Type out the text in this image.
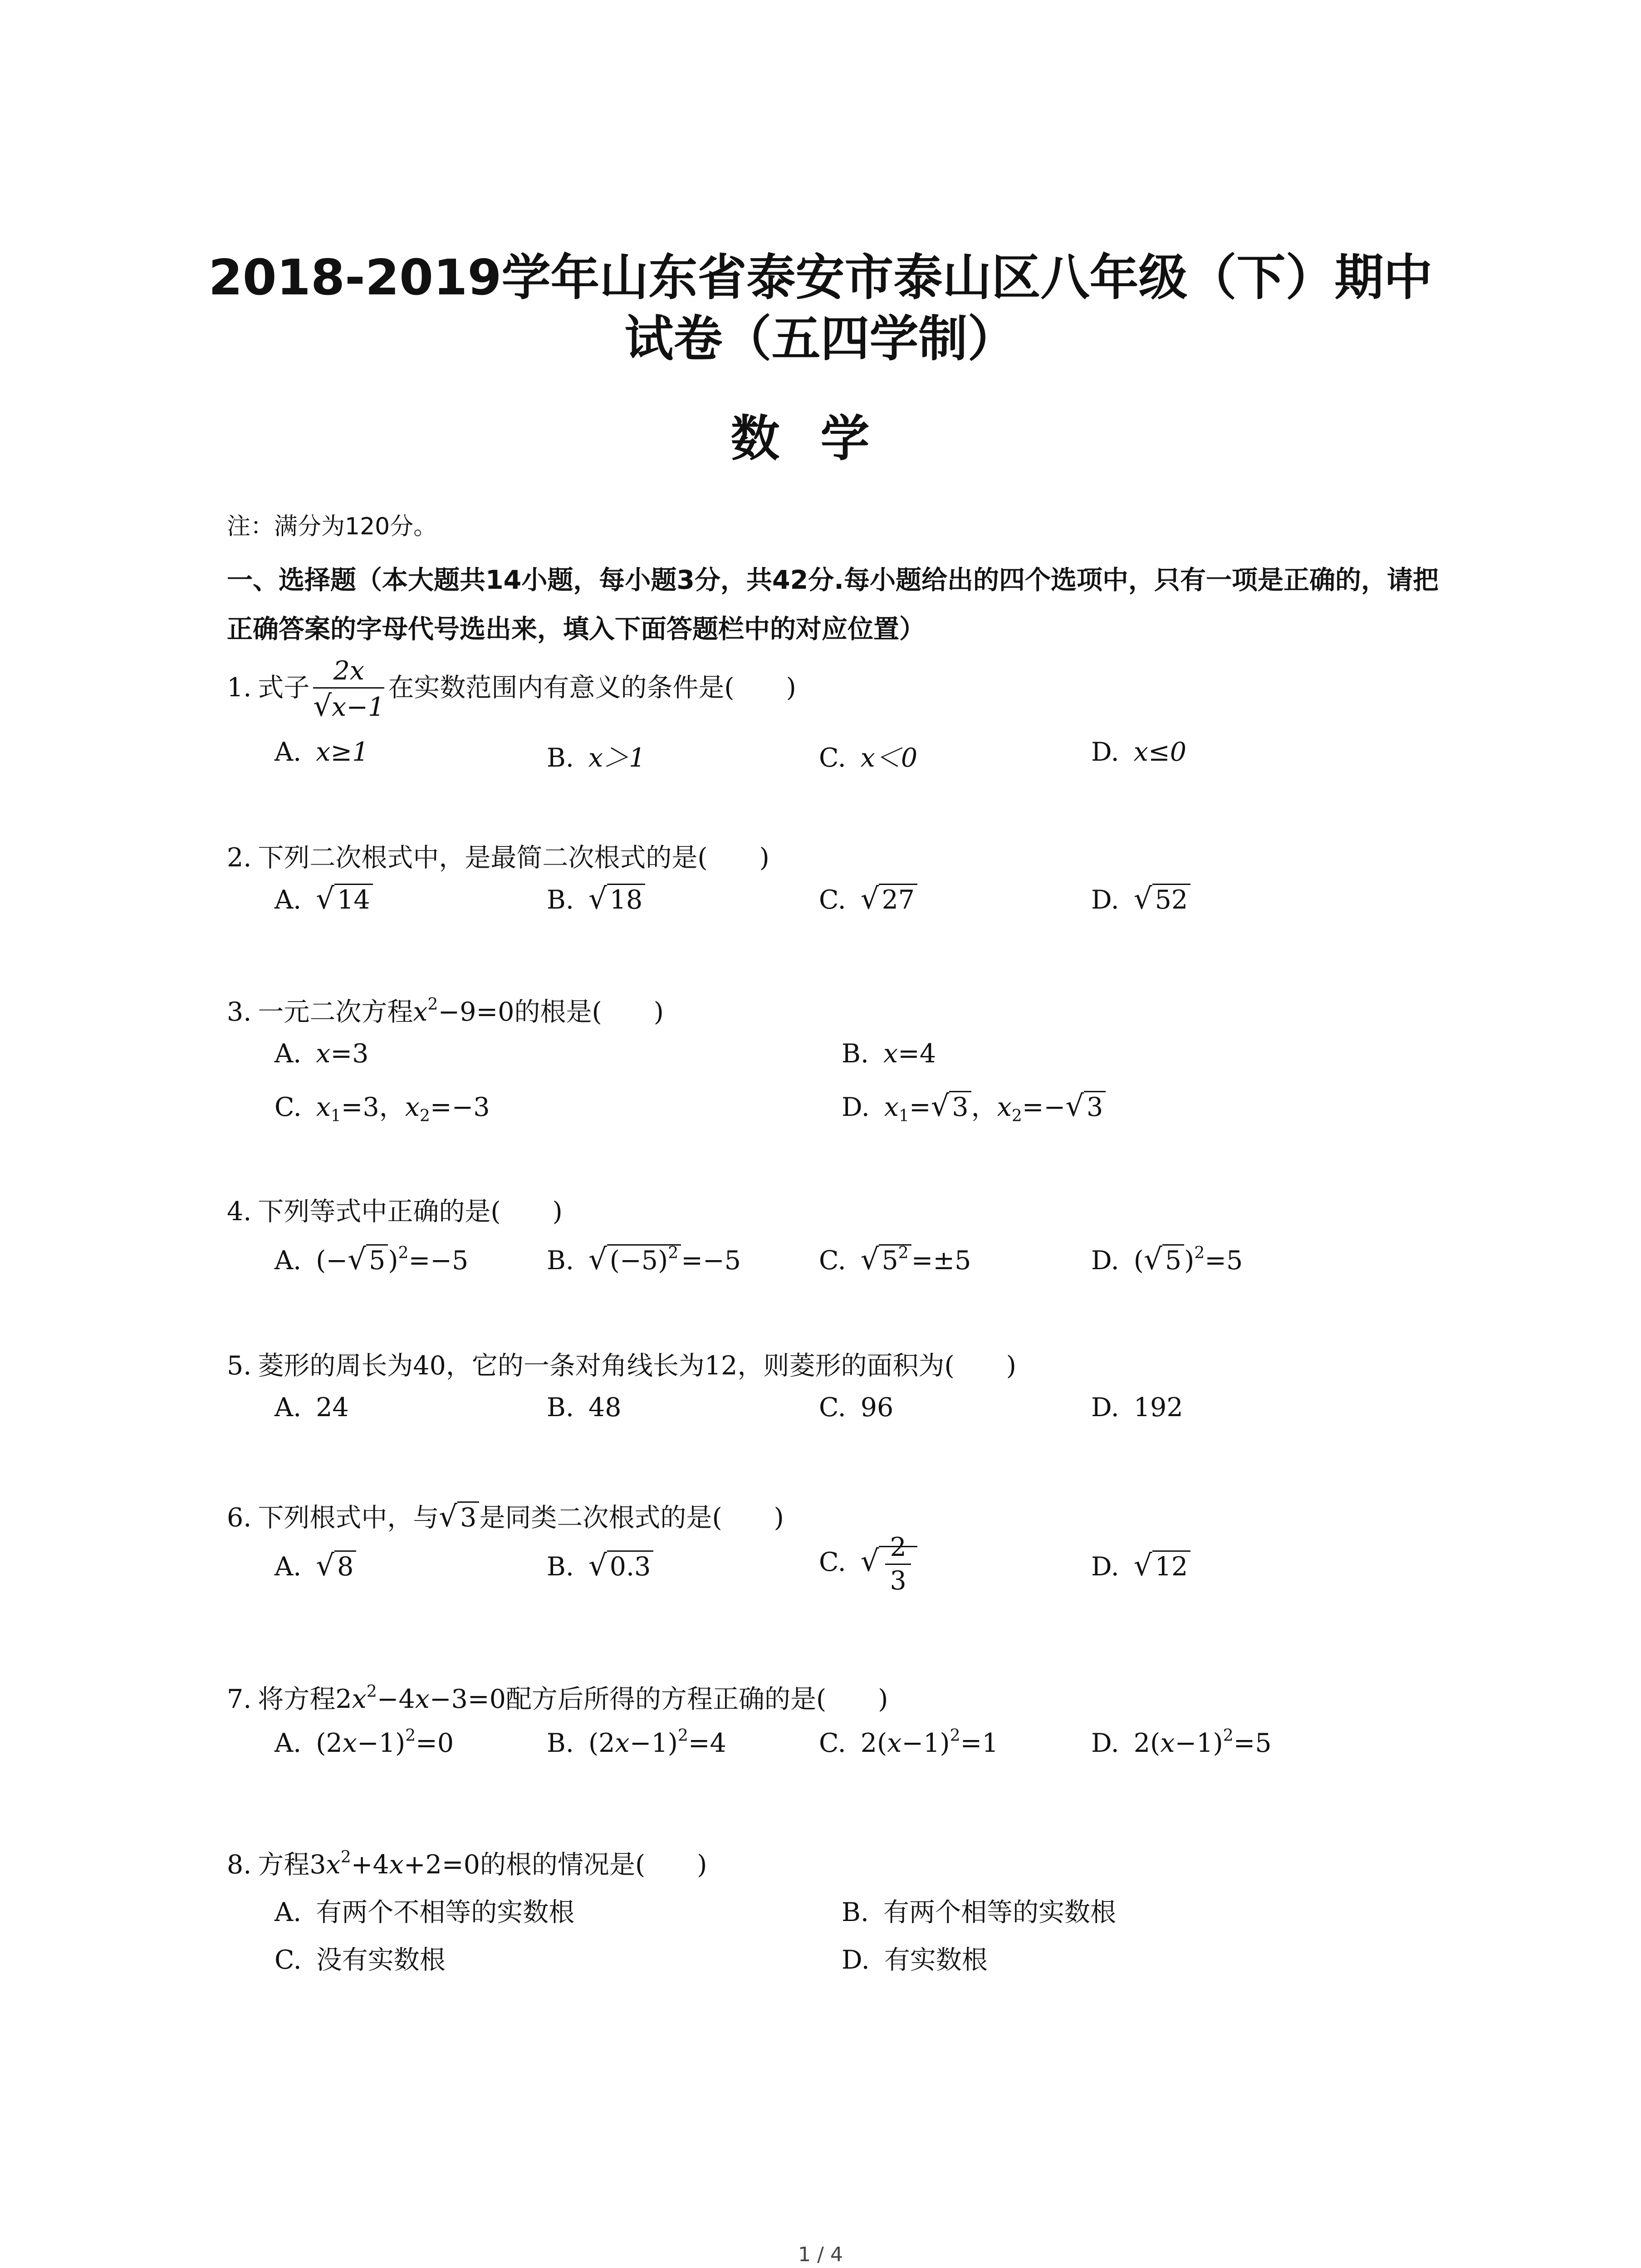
2018-2019学年山东省泰安市泰山区八年级（下）期中
试卷（五四学制）
数学
注：满分为120分。
一、选择题（本大题共14小题，每小题3分，共42分.每小题给出的四个选项中，只有一项是正确的，请把正确答案的字母代号选出来，填入下面答题栏中的对应位置）
1. 式子 $\frac{2x}{√x-1}$ 在实数范围内有意义的条件是(　　)
A. x≥1	B. x＞1	C. x＜0	D. x≤0
2. 下列二次根式中，是最简二次根式的是(　　)
A. √ 14	B. √ 18	C. √ 27	D. √ 52
3. 一元二次方程$x^2-9=0$的根是(　　)
A. x=3	B. x=4
C. $x_1=3$，$x_2=-3$	D. $x_1=√$ 3 ，$x_2=-√$ 3
4. 下列等式中正确的是(　　)
A. (−√ 5 )$^2$=−5	B. √ $(-5)^2 =-5$	C. √ $5^2 =\pm 5$	D. (√ 5 )$^2$=5
5. 菱形的周长为40，它的一条对角线长为12，则菱形的面积为(　　)
A. 24	B. 48	C. 96	D. 192
6. 下列根式中，与√ 3 是同类二次根式的是(　　)
A. √ 8	B. √ 0.3	C. √ $\frac{2}{3}$	D. √ 12
7. 将方程$2x^2-4x-3=0$配方后所得的方程正确的是(　　)
A. $(2x-1)^2=0$	B. $(2x-1)^2=4$	C. $2(x-1)^2=1$	D. $2(x-1)^2=5$
8. 方程$3x^2+4x+2=0$的根的情况是(　　)
A. 有两个不相等的实数根	B. 有两个相等的实数根
C. 没有实数根	D. 有实数根
1 / 4
